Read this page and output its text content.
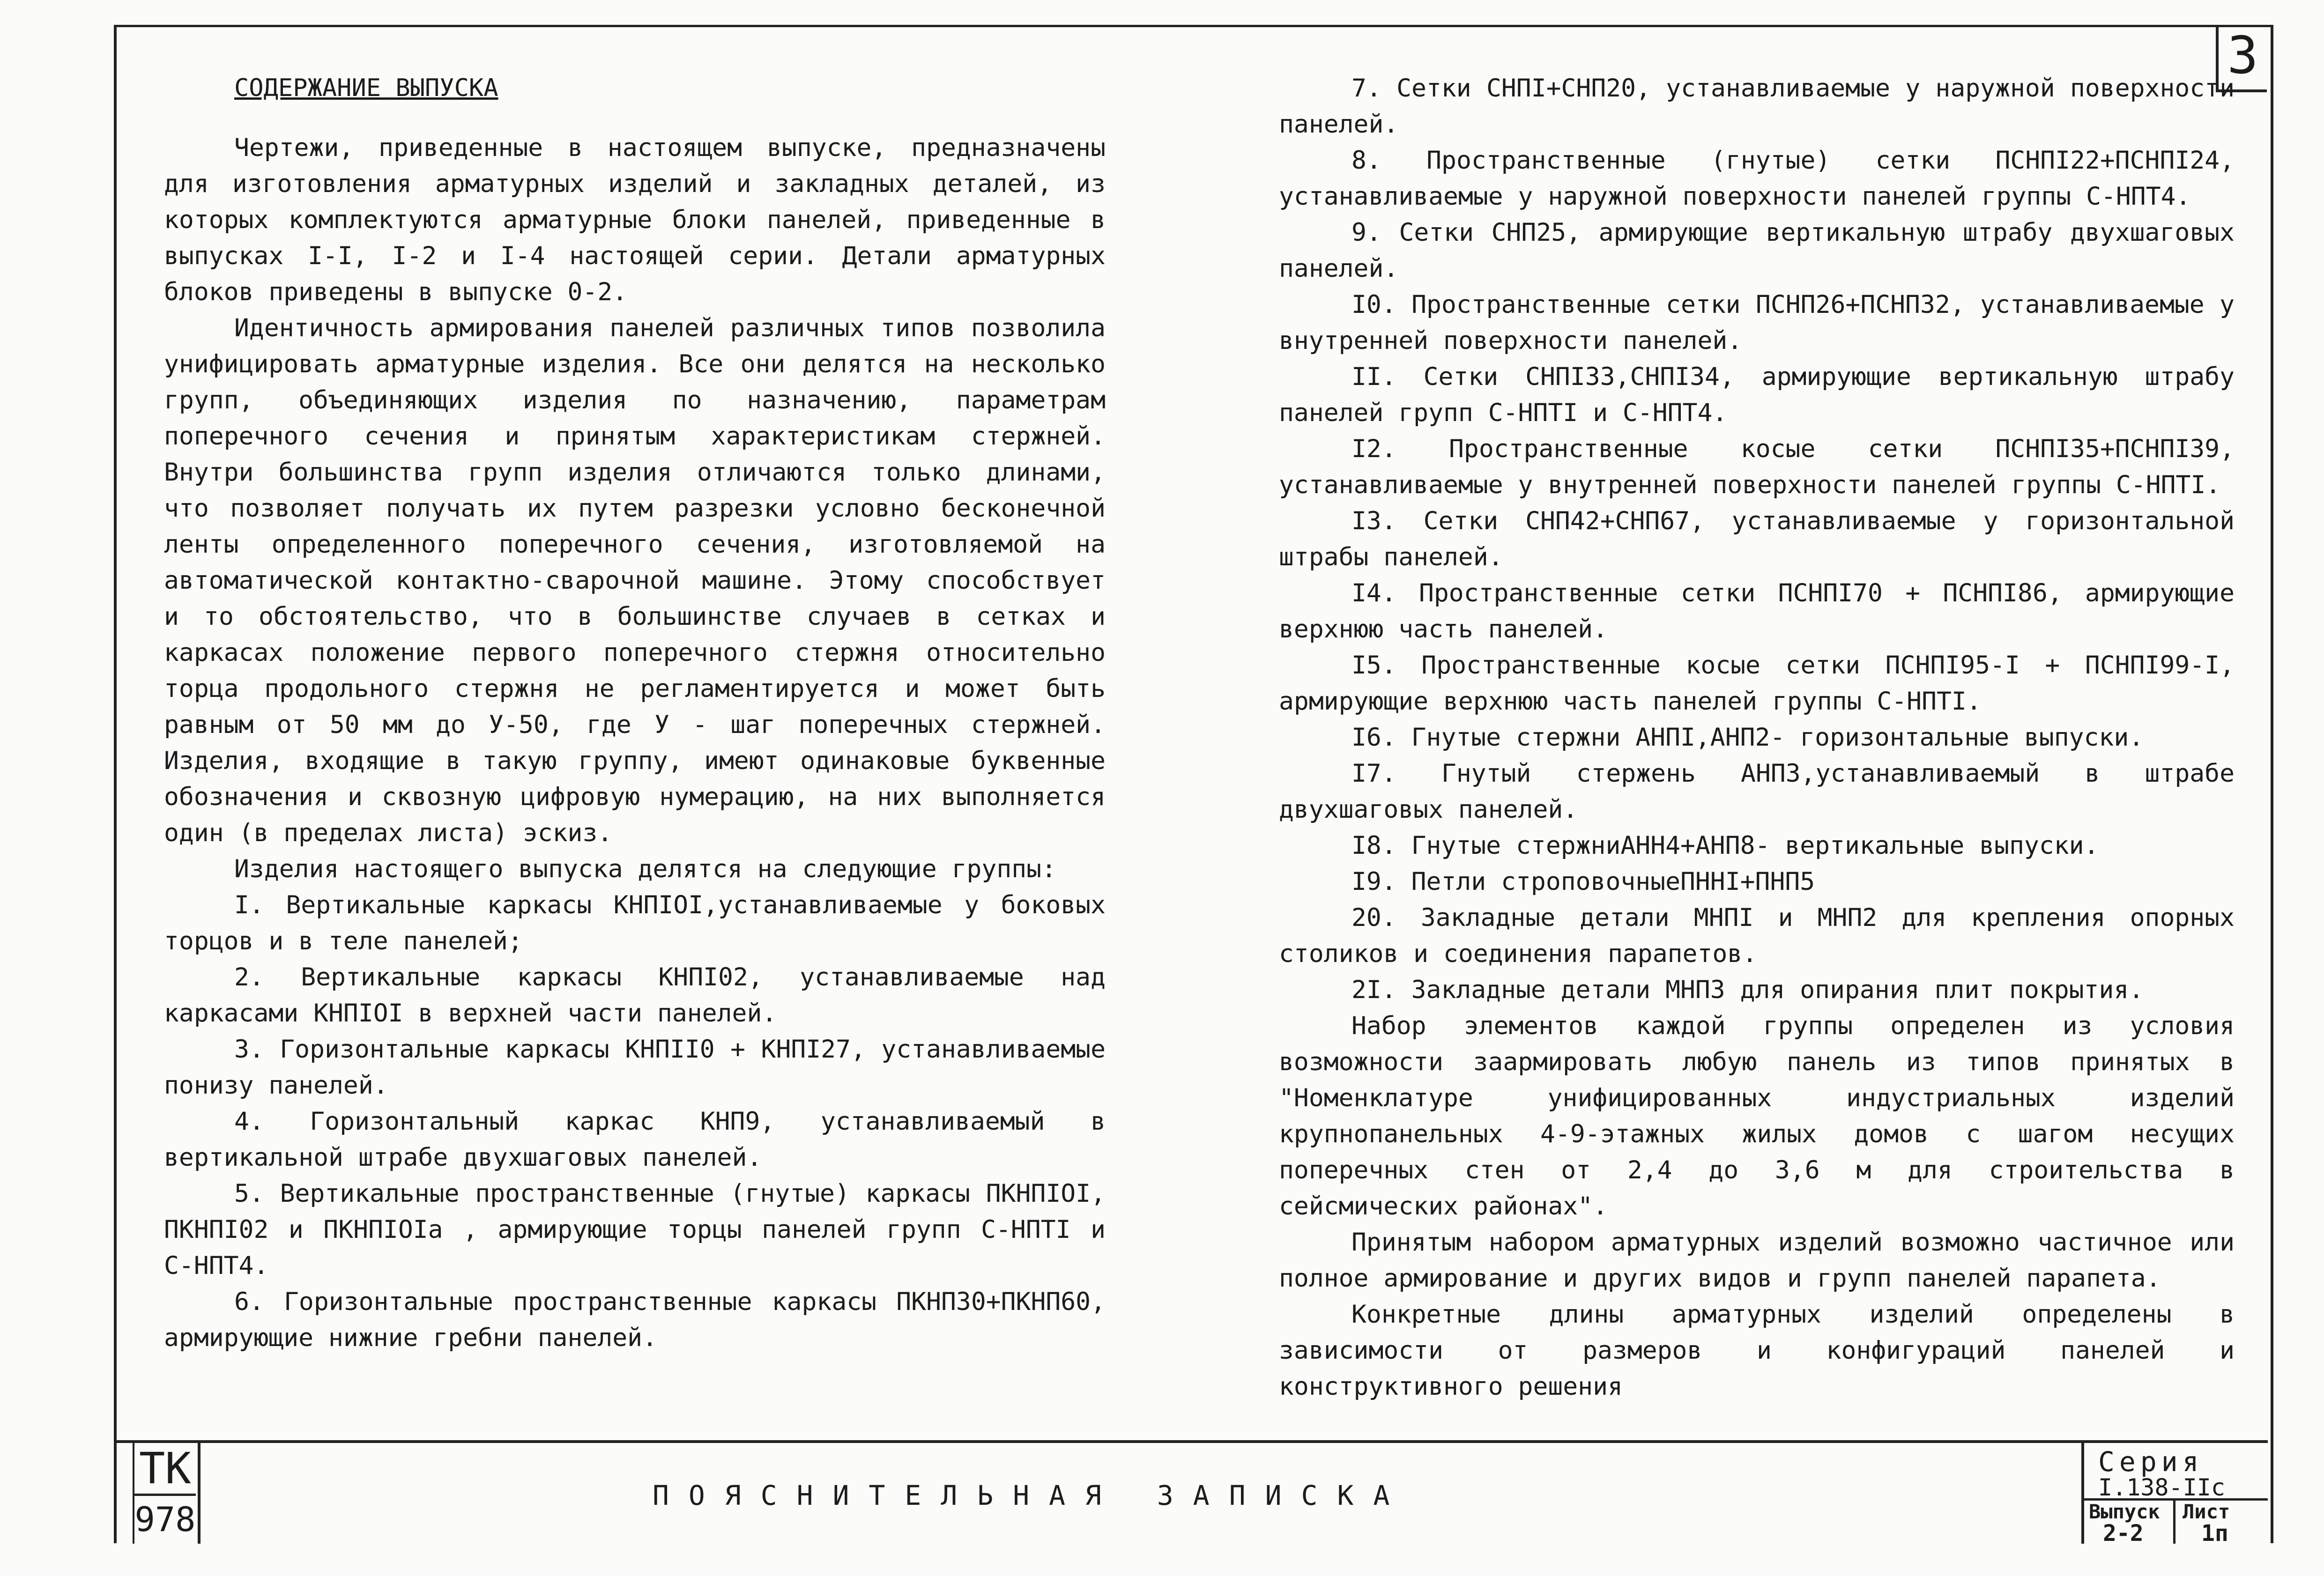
3

СОДЕРЖАНИЕ ВЫПУСКА

Чертежи, приведенные в настоящем выпуске, предназначены для изготовления арматурных изделий и закладных деталей, из которых комплектуются арматурные блоки панелей, приведенные в выпусках I-I, I-2 и I-4 настоящей серии. Детали арматурных блоков приведены в выпуске 0-2.

Идентичность армирования панелей различных типов позволила унифицировать арматурные изделия. Все они делятся на несколько групп, объединяющих изделия по назначению, параметрам поперечного сечения и принятым характеристикам стержней. Внутри большинства групп изделия отличаются только длинами, что позволяет получать их путем разрезки условно бесконечной ленты определенного поперечного сечения, изготовляемой на автоматической контактно-сварочной машине. Этому способствует и то обстоятельство, что в большинстве случаев в сетках и каркасах положение первого поперечного стержня относительно торца продольного стержня не регламентируется и может быть равным от 50 мм до У-50, где У - шаг поперечных стержней. Изделия, входящие в такую группу, имеют одинаковые буквенные обозначения и сквозную цифровую нумерацию, на них выполняется один (в пределах листа) эскиз.

Изделия настоящего выпуска делятся на следующие группы:

I. Вертикальные каркасы КНПIОI,устанавливаемые у боковых торцов и в теле панелей;

2. Вертикальные каркасы КНПI02, устанавливаемые над каркасами КНПIОI в верхней части панелей.

3. Горизонтальные каркасы КНПII0 + КНПI27, устанавливаемые понизу панелей.

4. Горизонтальный каркас КНП9, устанавливаемый в вертикальной штрабе двухшаговых панелей.

5. Вертикальные пространственные (гнутые) каркасы ПКНПIОI, ПКНПI02 и ПКНПIОIа , армирующие торцы панелей групп С-НПТI и С-НПТ4.

6. Горизонтальные пространственные каркасы ПКНП30+ПКНП60, армирующие нижние гребни панелей.

7. Сетки СНПI+СНП20, устанавливаемые у наружной поверхности панелей.

8. Пространственные (гнутые) сетки ПСНПI22+ПСНПI24, устанавливаемые у наружной поверхности панелей группы С-НПТ4.

9. Сетки СНП25, армирующие вертикальную штрабу двухшаговых панелей.

I0. Пространственные сетки ПСНП26+ПСНП32, устанавливаемые у внутренней поверхности панелей.

II. Сетки СНПI33,СНПI34, армирующие вертикальную штрабу панелей групп С-НПТI и С-НПТ4.

I2. Пространственные косые сетки ПСНПI35+ПСНПI39, устанавливаемые у внутренней поверхности панелей группы С-НПТI.

I3. Сетки СНП42+СНП67, устанавливаемые у горизонтальной штрабы панелей.

I4. Пространственные сетки ПСНПI70 + ПСНПI86, армирующие верхнюю часть панелей.

I5. Пространственные косые сетки ПСНПI95-I + ПСНПI99-I, армирующие верхнюю часть панелей группы С-НПТI.

I6. Гнутые стержни АНПI,АНП2- горизонтальные выпуски.

I7. Гнутый стержень АНП3,устанавливаемый в штрабе двухшаговых панелей.

I8. Гнутые стержниАНН4+АНП8- вертикальные выпуски.

I9. Петли строповочныеПННI+ПНП5

20. Закладные детали МНПI и МНП2 для крепления опорных столиков и соединения парапетов.

2I. Закладные детали МНП3 для опирания плит покрытия.

Набор элементов каждой группы определен из условия возможности заармировать любую панель из типов принятых в "Номенклатуре унифицированных индустриальных изделий крупнопанельных 4-9-этажных жилых домов с шагом несущих поперечных стен от 2,4 до 3,6 м для строительства в сейсмических районах".

Принятым набором арматурных изделий возможно частичное или полное армирование и других видов и групп панелей парапета.

Конкретные длины арматурных изделий определены в зависимости от размеров и конфигураций панелей и конструктивного решения

TK
978
ПОЯСНИТЕЛЬНАЯ ЗАПИСКА
Серия
I.138-IIс
Выпуск
2-2
Лист
1п
